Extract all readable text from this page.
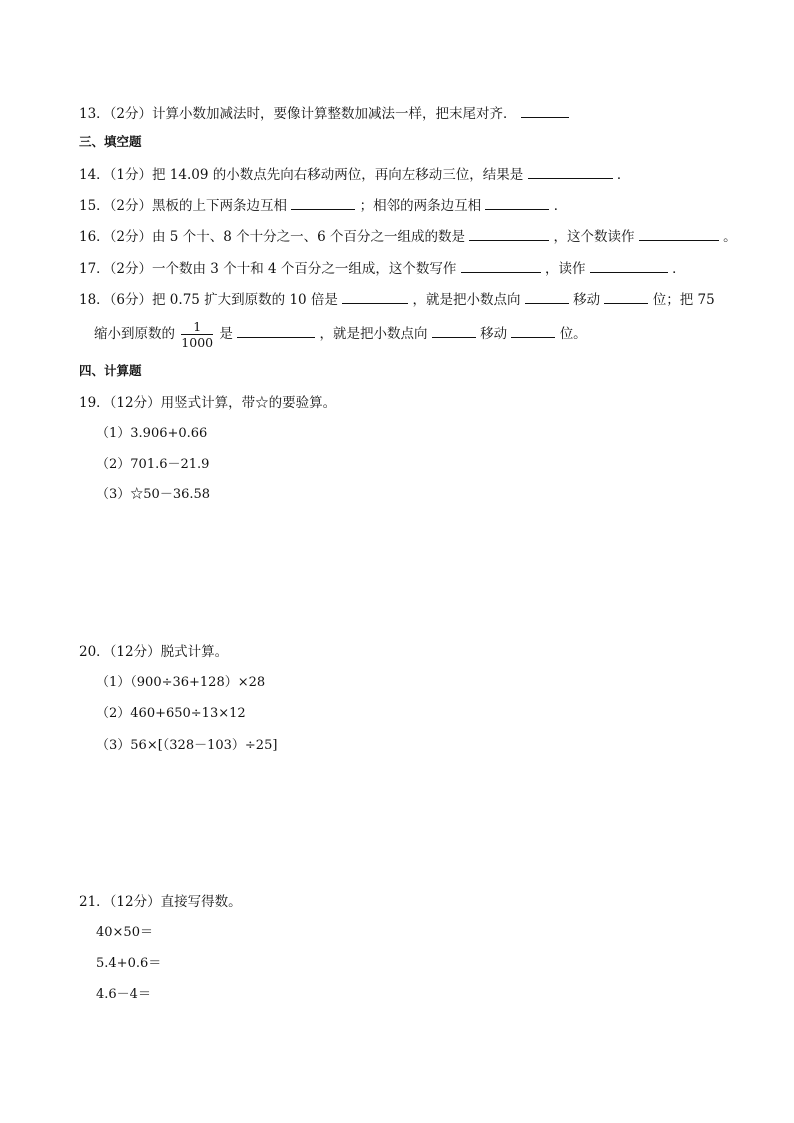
13．（2分）计算小数加减法时，要像计算整数加减法一样，把末尾对齐．
三、填空题
14．（1分）把 14.09 的小数点先向右移动两位，再向左移动三位，结果是	．
15．（2分）黑板的上下两条边互相	；相邻的两条边互相	．
16．（2分）由 5 个十、8 个十分之一、6 个百分之一组成的数是	，这个数读作	。
17．（2分）一个数由 3 个十和 4 个百分之一组成，这个数写作	，读作	．
18．（6分）把 0.75 扩大到原数的 10 倍是	，就是把小数点向	移动	位；把 75
缩小到原数的 $\frac{1}{1000}$ 是	，就是把小数点向	移动	位。
四、计算题
19．（12分）用竖式计算，带☆的要验算。
（1）3.906+0.66
（2）701.6－21.9
（3）☆50－36.58
20．（12分）脱式计算。
（1）（900÷36+128）×28
（2）460+650÷13×12
（3）56×[（328－103）÷25]
21．（12分）直接写得数。
40×50＝
5.4+0.6＝
4.6－4＝
